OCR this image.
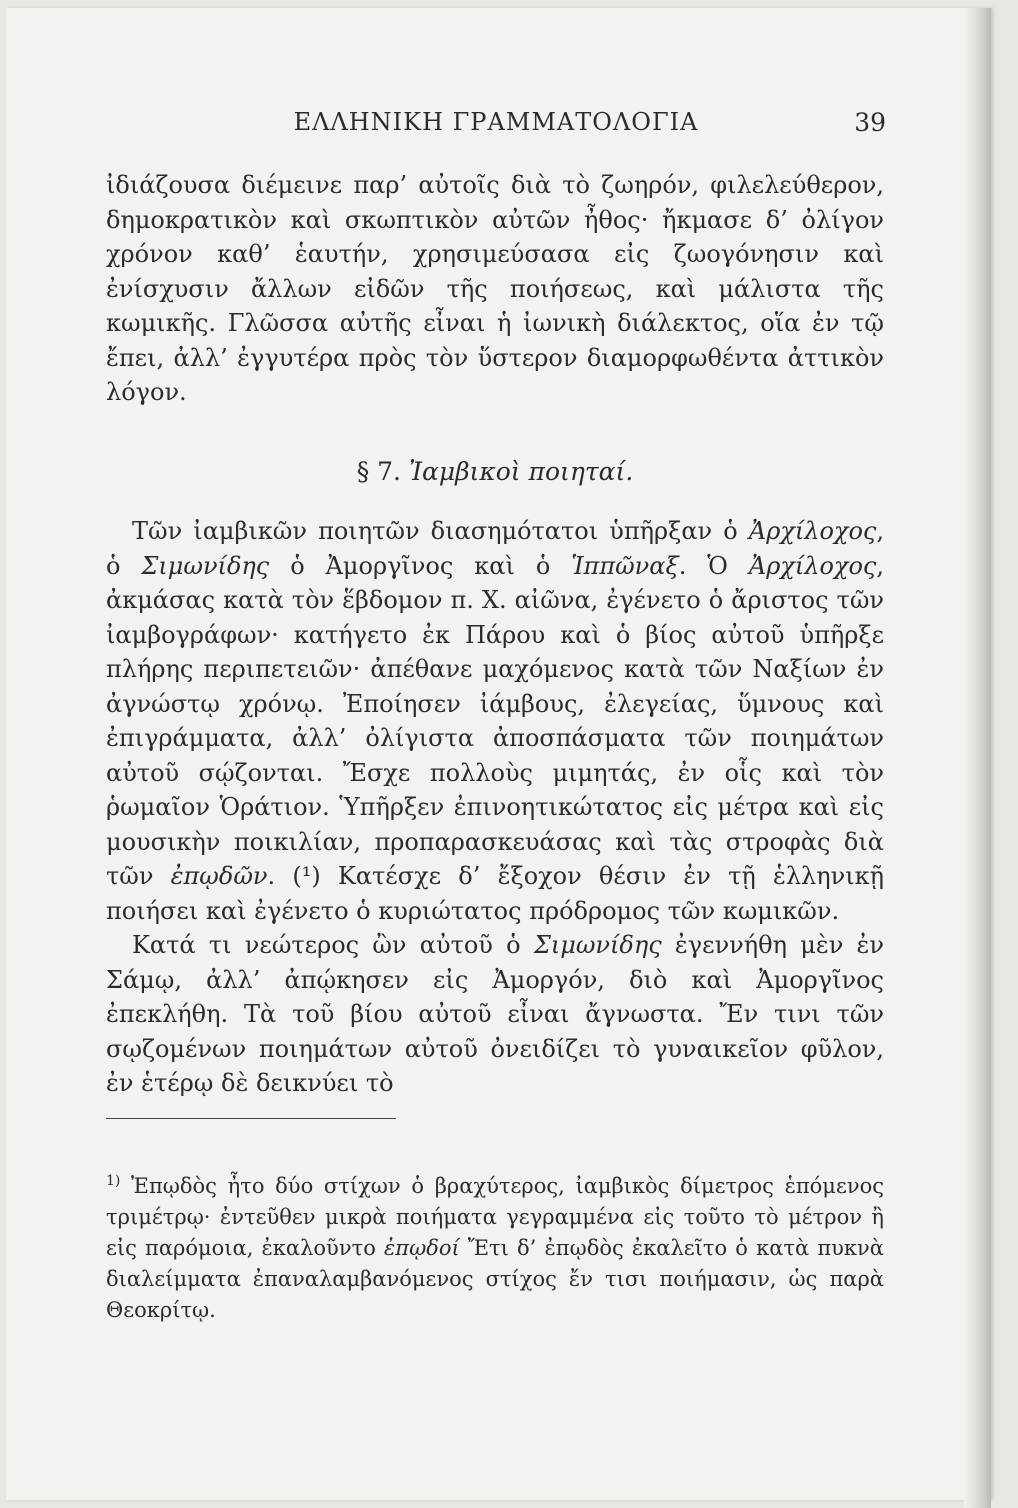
ΕΛΛΗΝΙΚΗ ΓΡΑΜΜΑΤΟΛΟΓΙΑ	39

ἰδιάζουσα διέμεινε παρ’ αὐτοῖς διὰ τὸ ζωηρόν, φιλελεύθερον, δημοκρατικὸν καὶ σκωπτικὸν αὐτῶν ἦθος· ἤκμασε δ’ ὀλίγον χρόνον καθ’ ἑαυτήν, χρησιμεύσασα εἰς ζωογόνησιν καὶ ἐνίσχυσιν ἄλλων εἰδῶν τῆς ποιήσεως, καὶ μάλιστα τῆς κωμικῆς. Γλῶσσα αὐτῆς εἶναι ἡ ἰωνικὴ διάλεκτος, οἵα ἐν τῷ ἔπει, ἀλλ’ ἐγγυτέρα πρὸς τὸν ὕστερον διαμορφωθέντα ἀττικὸν λόγον.

§ 7. Ἰαμβικοὶ ποιηταί.

Τῶν ἰαμβικῶν ποιητῶν διασημότατοι ὑπῆρξαν ὁ Ἀρχίλοχος, ὁ Σιμωνίδης ὁ Ἀμοργῖνος καὶ ὁ Ἱππῶναξ. Ὁ Ἀρχίλοχος, ἀκμάσας κατὰ τὸν ἕβδομον π. Χ. αἰῶνα, ἐγένετο ὁ ἄριστος τῶν ἰαμβογράφων· κατήγετο ἐκ Πάρου καὶ ὁ βίος αὐτοῦ ὑπῆρξε πλήρης περιπετειῶν· ἀπέθανε μαχόμενος κατὰ τῶν Ναξίων ἐν ἀγνώστῳ χρόνῳ. Ἐποίησεν ἰάμβους, ἐλεγείας, ὕμνους καὶ ἐπιγράμματα, ἀλλ’ ὀλίγιστα ἀποσπάσματα τῶν ποιημάτων αὐτοῦ σῴζονται. Ἔσχε πολλοὺς μιμητάς, ἐν οἷς καὶ τὸν ῥωμαῖον Ὁράτιον. Ὑπῆρξεν ἐπινοητικώτατος εἰς μέτρα καὶ εἰς μουσικὴν ποικιλίαν, προπαρασκευάσας καὶ τὰς στροφὰς διὰ τῶν ἐπῳδῶν. (¹) Κατέσχε δ’ ἔξοχον θέσιν ἐν τῇ ἑλληνικῇ ποιήσει καὶ ἐγένετο ὁ κυριώτατος πρόδρομος τῶν κωμικῶν.

Κατά τι νεώτερος ὢν αὐτοῦ ὁ Σιμωνίδης ἐγεννήθη μὲν ἐν Σάμῳ, ἀλλ’ ἀπῴκησεν εἰς Ἀμοργόν, διὸ καὶ Ἀμοργῖνος ἐπεκλήθη. Τὰ τοῦ βίου αὐτοῦ εἶναι ἄγνωστα. Ἔν τινι τῶν σῳζομένων ποιημάτων αὐτοῦ ὀνειδίζει τὸ γυναικεῖον φῦλον, ἐν ἑτέρῳ δὲ δεικνύει τὸ

$^{1)}$ Ἐπῳδὸς ἦτο δύο στίχων ὁ βραχύτερος, ἰαμβικὸς δίμετρος ἑπόμενος τριμέτρῳ· ἐντεῦθεν μικρὰ ποιήματα γεγραμμένα εἰς τοῦτο τὸ μέτρον ἢ εἰς παρόμοια, ἐκαλοῦντο ἐπῳδοί Ἔτι δ’ ἐπῳδὸς ἐκαλεῖτο ὁ κατὰ πυκνὰ διαλείμματα ἐπαναλαμβανόμενος στίχος ἔν τισι ποιήμασιν, ὡς παρὰ Θεοκρίτῳ.
